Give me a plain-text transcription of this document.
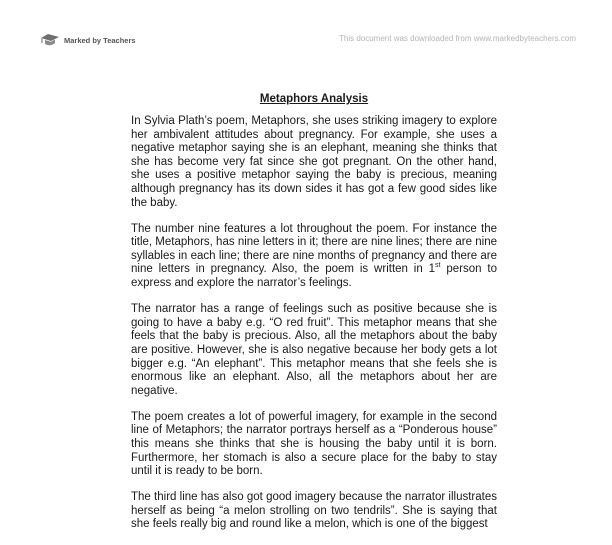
Marked by Teachers	This document was downloaded from www.markedbyteachers.com
Metaphors Analysis

In Sylvia Plath’s poem, Metaphors, she uses striking imagery to explore her ambivalent attitudes about pregnancy. For example, she uses a negative metaphor saying she is an elephant, meaning she thinks that she has become very fat since she got pregnant. On the other hand, she uses a positive metaphor saying the baby is precious, meaning although pregnancy has its down sides it has got a few good sides like the baby.

The number nine features a lot throughout the poem. For instance the title, Metaphors, has nine letters in it; there are nine lines; there are nine syllables in each line; there are nine months of pregnancy and there are nine letters in pregnancy. Also, the poem is written in 1st person to express and explore the narrator’s feelings.

The narrator has a range of feelings such as positive because she is going to have a baby e.g. “O red fruit”. This metaphor means that she feels that the baby is precious. Also, all the metaphors about the baby are positive. However, she is also negative because her body gets a lot bigger e.g. “An elephant”. This metaphor means that she feels she is enormous like an elephant. Also, all the metaphors about her are negative.

The poem creates a lot of powerful imagery, for example in the second line of Metaphors; the narrator portrays herself as a “Ponderous house” this means she thinks that she is housing the baby until it is born. Furthermore, her stomach is also a secure place for the baby to stay until it is ready to be born.

The third line has also got good imagery because the narrator illustrates herself as being “a melon strolling on two tendrils”. She is saying that she feels really big and round like a melon, which is one of the biggest
